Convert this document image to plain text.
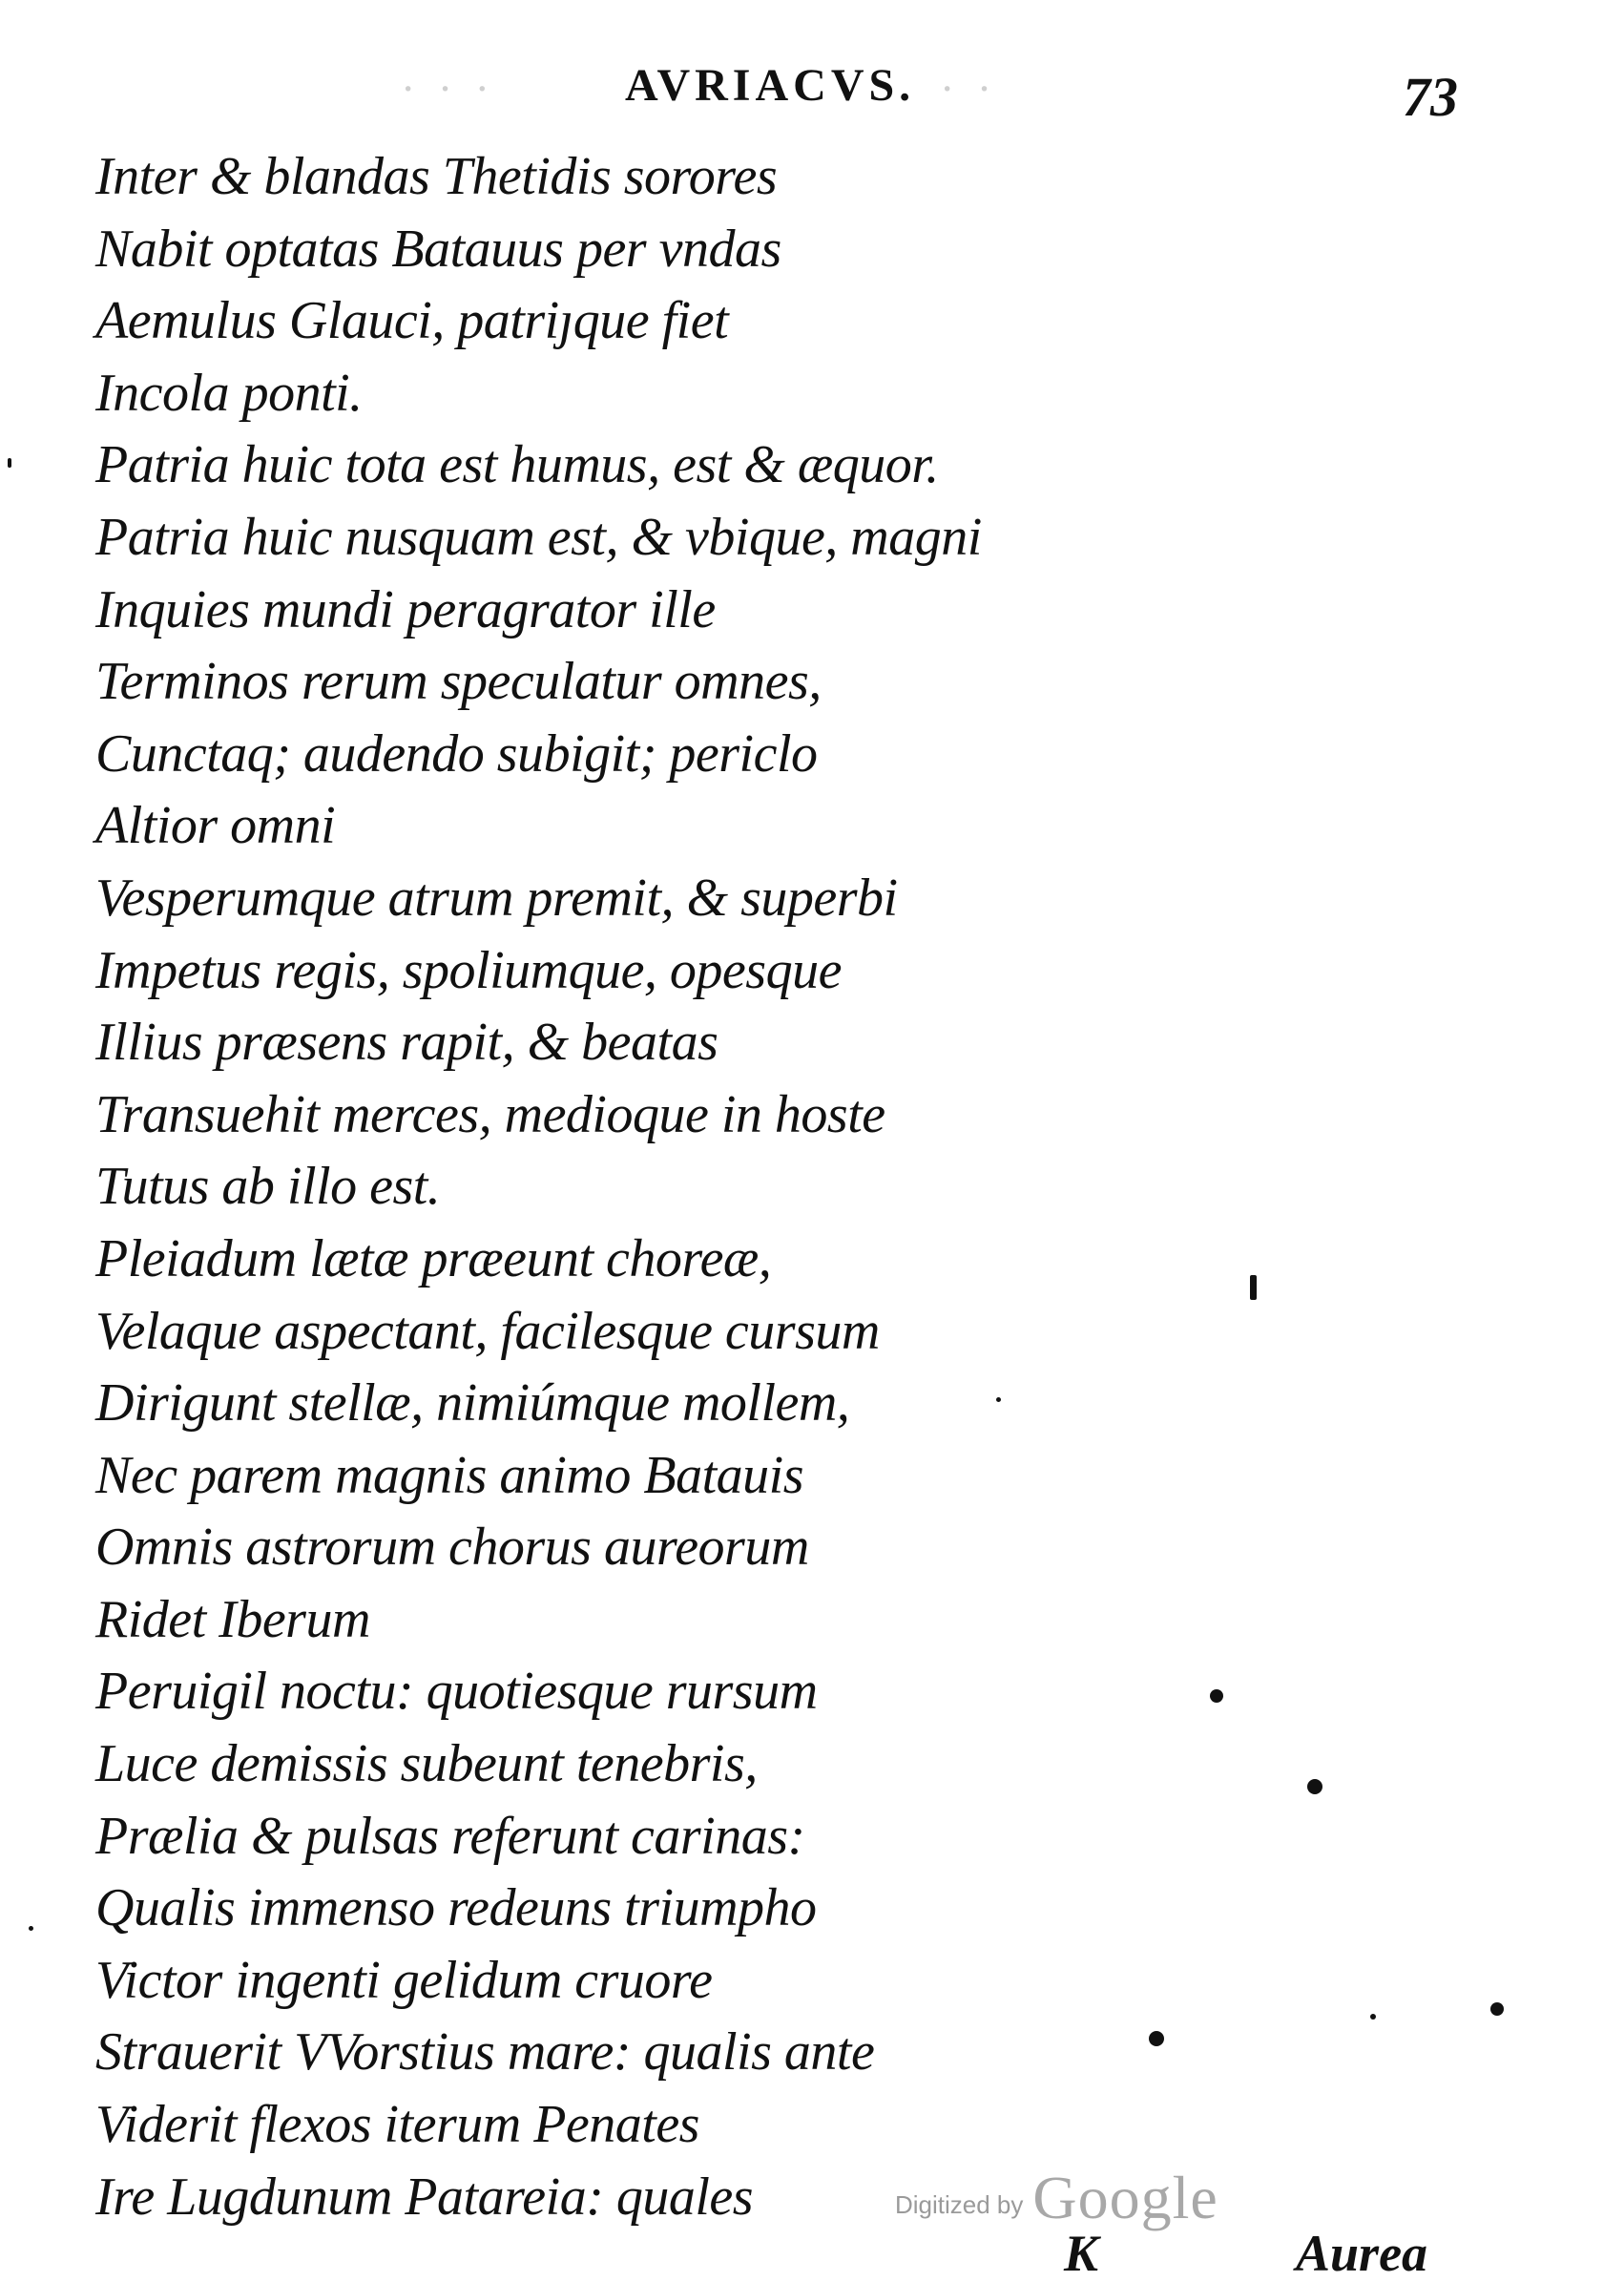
· · ·	AVRIACVS. · ·	73
Inter & blandas Thetidis sorores
Nabit optatas Batauus per vndas
Aemulus Glauci, patriȷque fiet
Incola ponti.
Patria huic tota est humus, est & æquor.
Patria huic nusquam est, & vbique, magni
Inquies mundi peragrator ille
Terminos rerum speculatur omnes,
Cunctaq; audendo subigit; periclo
Altior omni
Vesperumque atrum premit, & superbi
Impetus regis, spoliumque, opesque
Illius præsens rapit, & beatas
Transuehit merces, medioque in hoste
Tutus ab illo est.
Pleiadum lætæ præeunt choreæ,
Velaque aspectant, facilesque cursum
Dirigunt stellæ, nimiúmque mollem,
Nec parem magnis animo Batauis
Omnis astrorum chorus aureorum
Ridet Iberum
Peruigil noctu: quotiesque rursum
Luce demissis subeunt tenebris,
Prælia & pulsas referunt carinas:
Qualis immenso redeuns triumpho
Victor ingenti gelidum cruore
Strauerit VVorstius mare: qualis ante
Viderit flexos iterum Penates
Ire Lugdunum Patareia: quales	Digitized by Google
K	Aurea
